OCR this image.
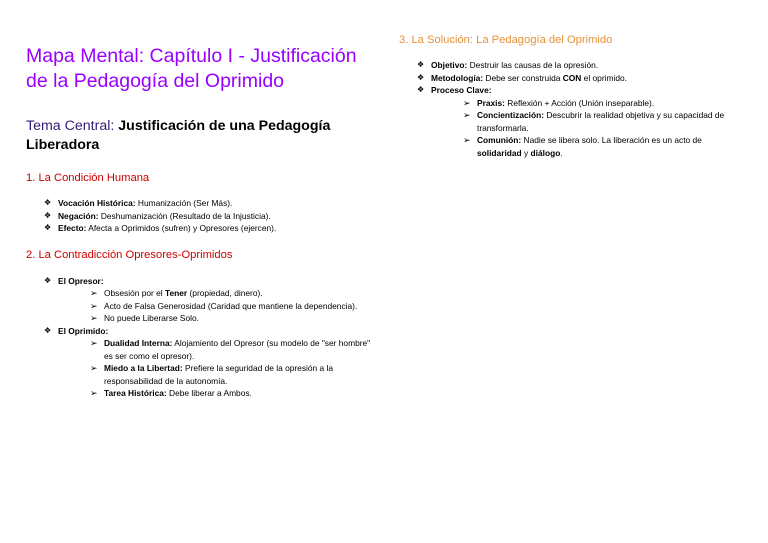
Mapa Mental: Capítulo I - Justificación de la Pedagogía del Oprimido
Tema Central: Justificación de una Pedagogía Liberadora
1. La Condición Humana
❖ Vocación Histórica: Humanización (Ser Más).
❖ Negación: Deshumanización (Resultado de la Injusticia).
❖ Efecto: Afecta a Oprimidos (sufren) y Opresores (ejercen).
2. La Contradicción Opresores-Oprimidos
❖ El Opresor:
➢ Obsesión por el Tener (propiedad, dinero).
➢ Acto de Falsa Generosidad (Caridad que mantiene la dependencia).
➢ No puede Liberarse Solo.
❖ El Oprimido:
➢ Dualidad Interna: Alojamiento del Opresor (su modelo de "ser hombre" es ser como el opresor).
➢ Miedo a la Libertad: Prefiere la seguridad de la opresión a la responsabilidad de la autonomía.
➢ Tarea Histórica: Debe liberar a Ambos.
3. La Solución: La Pedagogía del Oprimido
❖ Objetivo: Destruir las causas de la opresión.
❖ Metodología: Debe ser construida CON el oprimido.
❖ Proceso Clave:
➢ Praxis: Reflexión + Acción (Unión inseparable).
➢ Concientización: Descubrir la realidad objetiva y su capacidad de transformarla.
➢ Comunión: Nadie se libera solo. La liberación es un acto de solidaridad y diálogo.
